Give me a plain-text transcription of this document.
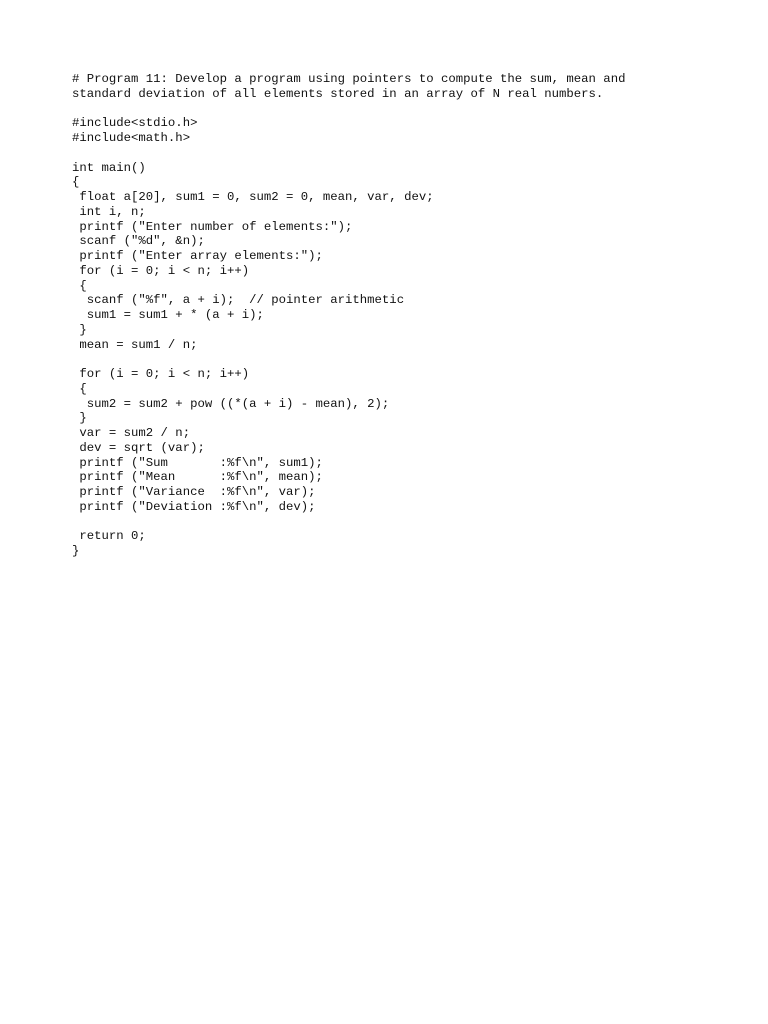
# Program 11: Develop a program using pointers to compute the sum, mean and
standard deviation of all elements stored in an array of N real numbers.
#include<stdio.h>
#include<math.h>
int main()
{
float a[20], sum1 = 0, sum2 = 0, mean, var, dev;
int i, n;
printf ("Enter number of elements:");
scanf ("%d", &n);
printf ("Enter array elements:");
for (i = 0; i < n; i++)
{
scanf ("%f", a + i);  // pointer arithmetic
sum1 = sum1 + * (a + i);
}
mean = sum1 / n;
for (i = 0; i < n; i++)
{
sum2 = sum2 + pow ((*(a + i) - mean), 2);
}
var = sum2 / n;
dev = sqrt (var);
printf ("Sum       :%f\n", sum1);
printf ("Mean      :%f\n", mean);
printf ("Variance  :%f\n", var);
printf ("Deviation :%f\n", dev);
return 0;
}
